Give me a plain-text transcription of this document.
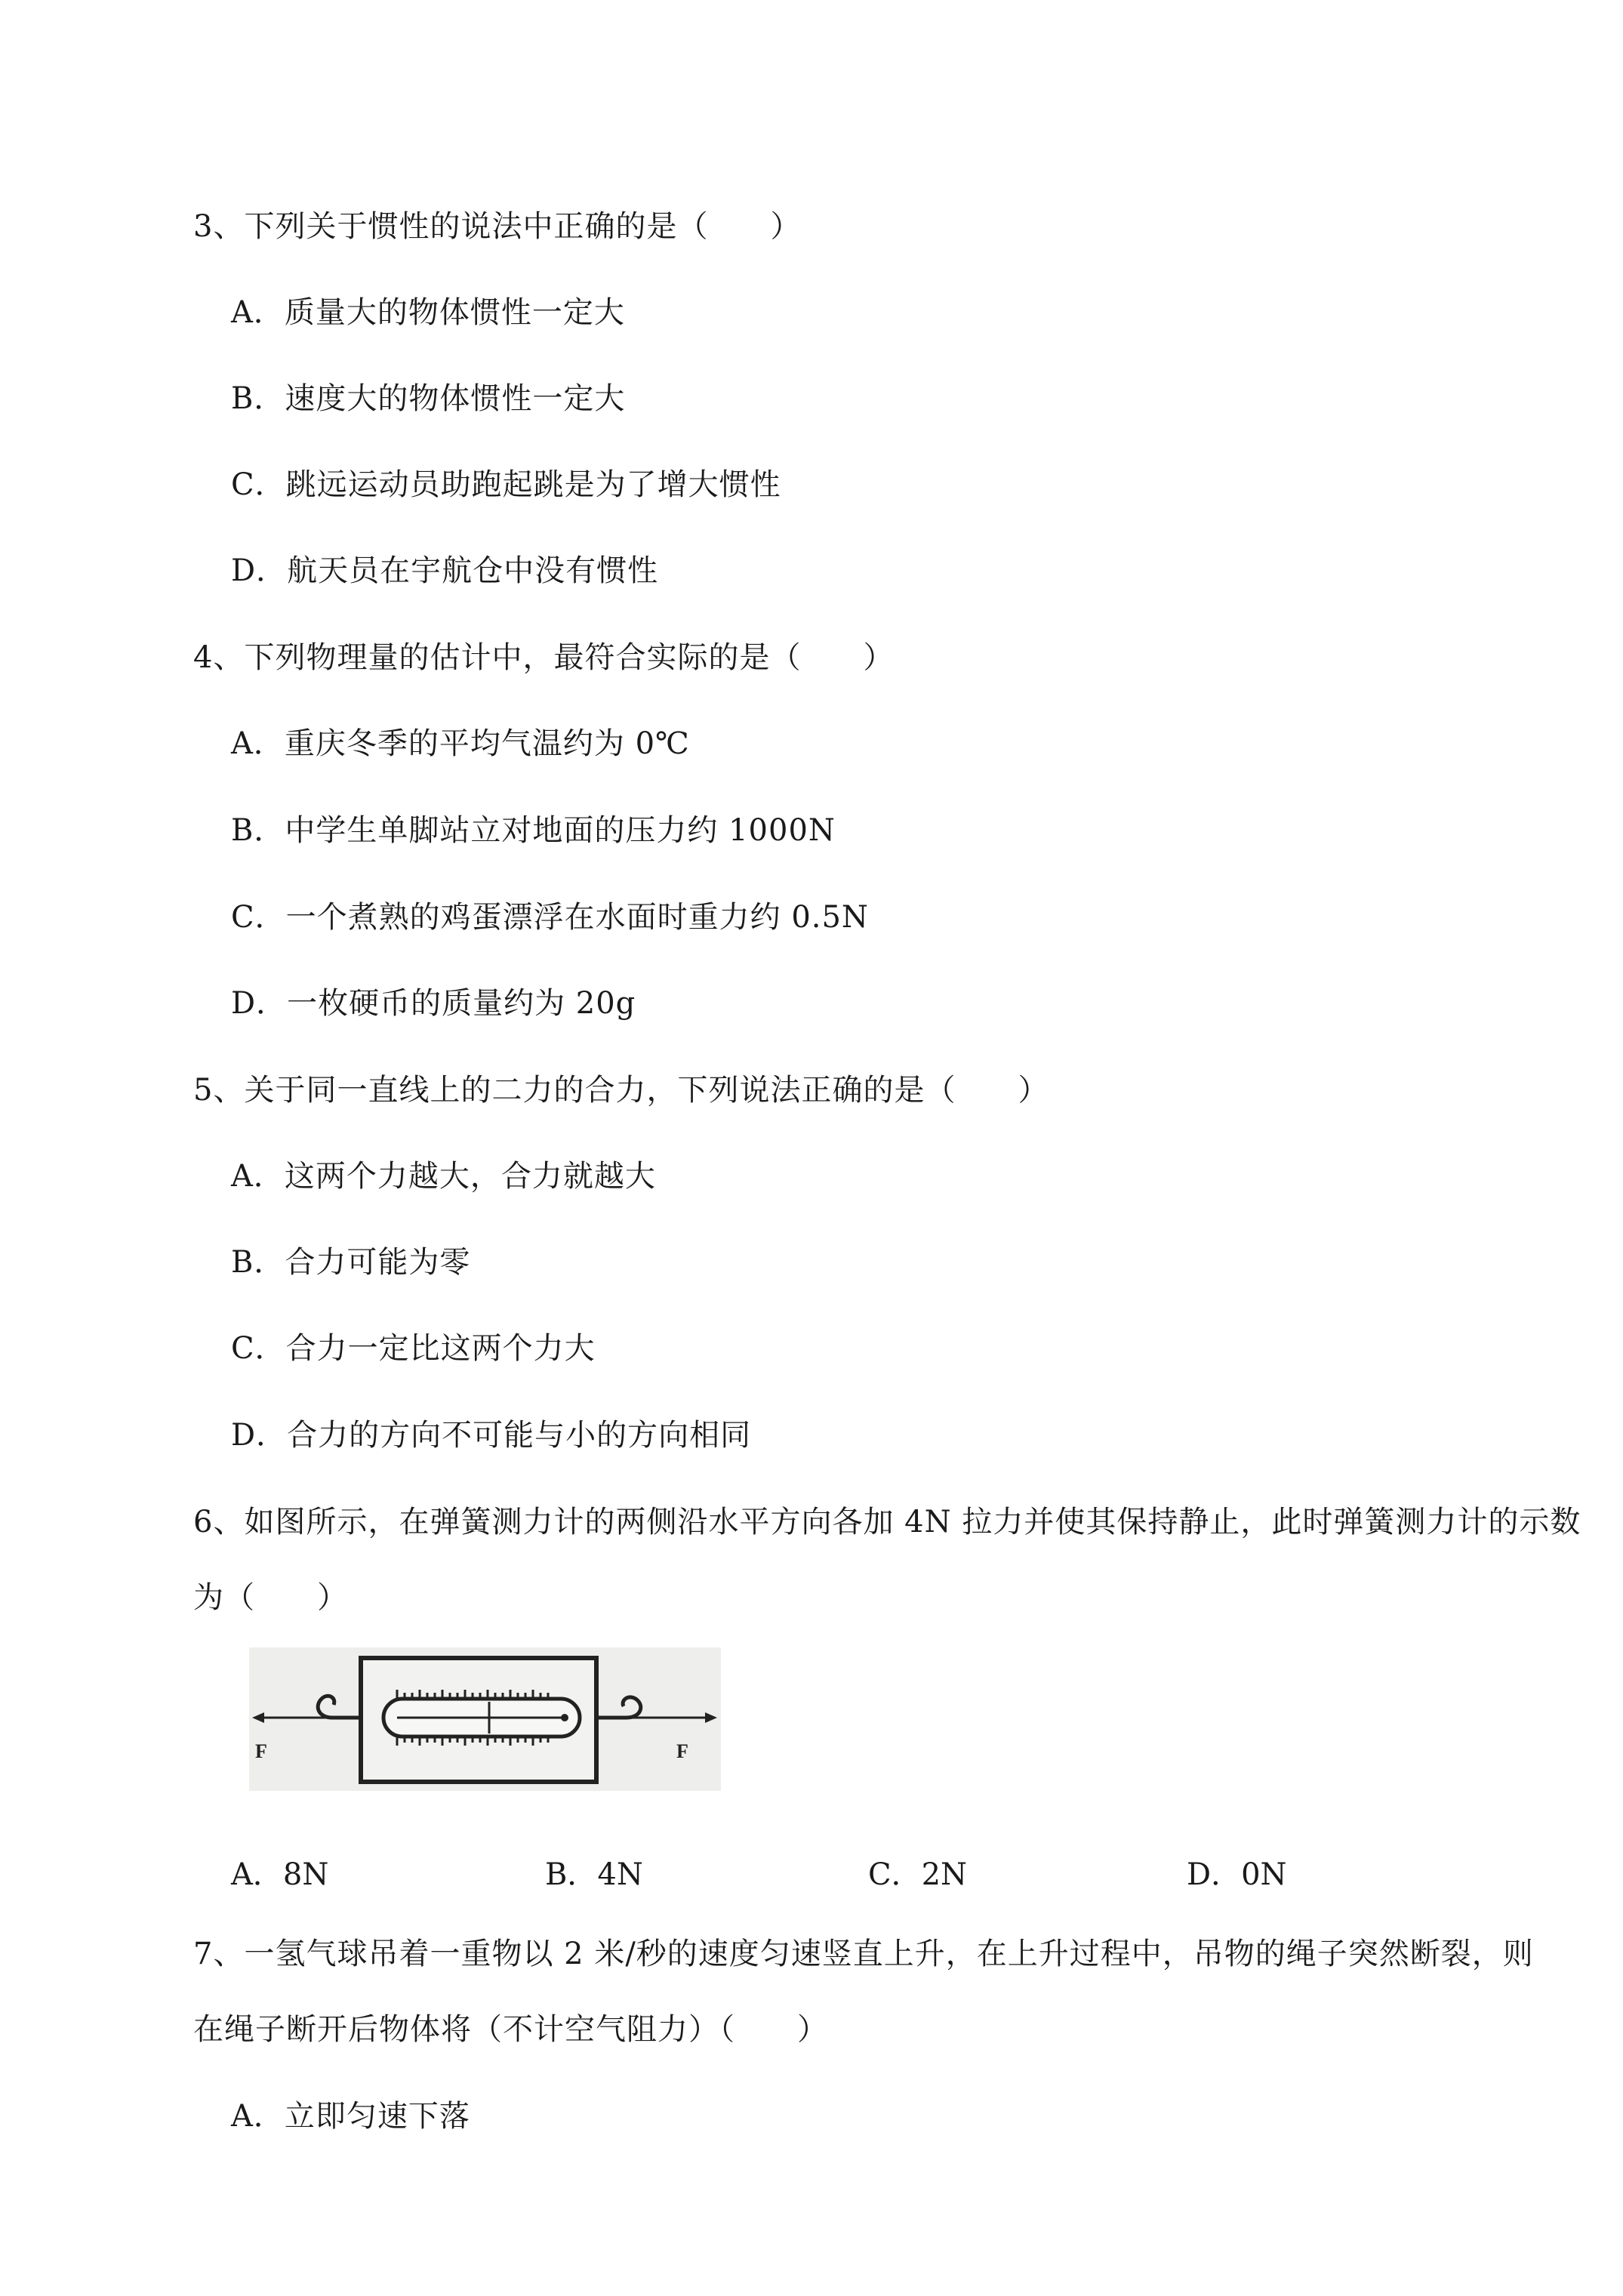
3、下列关于惯性的说法中正确的是（　　）
A．质量大的物体惯性一定大
B．速度大的物体惯性一定大
C．跳远运动员助跑起跳是为了增大惯性
D．航天员在宇航仓中没有惯性
4、下列物理量的估计中，最符合实际的是（　　）
A．重庆冬季的平均气温约为 0℃
B．中学生单脚站立对地面的压力约 1000N
C．一个煮熟的鸡蛋漂浮在水面时重力约 0.5N
D．一枚硬币的质量约为 20g
5、关于同一直线上的二力的合力，下列说法正确的是（　　）
A．这两个力越大，合力就越大
B．合力可能为零
C．合力一定比这两个力大
D．合力的方向不可能与小的方向相同
6、如图所示，在弹簧测力计的两侧沿水平方向各加 4N 拉力并使其保持静止，此时弹簧测力计的示数
为（　　）
F	F
A．8N	B．4N	C．2N	D．0N
7、一氢气球吊着一重物以 2 米/秒的速度匀速竖直上升，在上升过程中，吊物的绳子突然断裂，则
在绳子断开后物体将（不计空气阻力）（　　）
A．立即匀速下落
